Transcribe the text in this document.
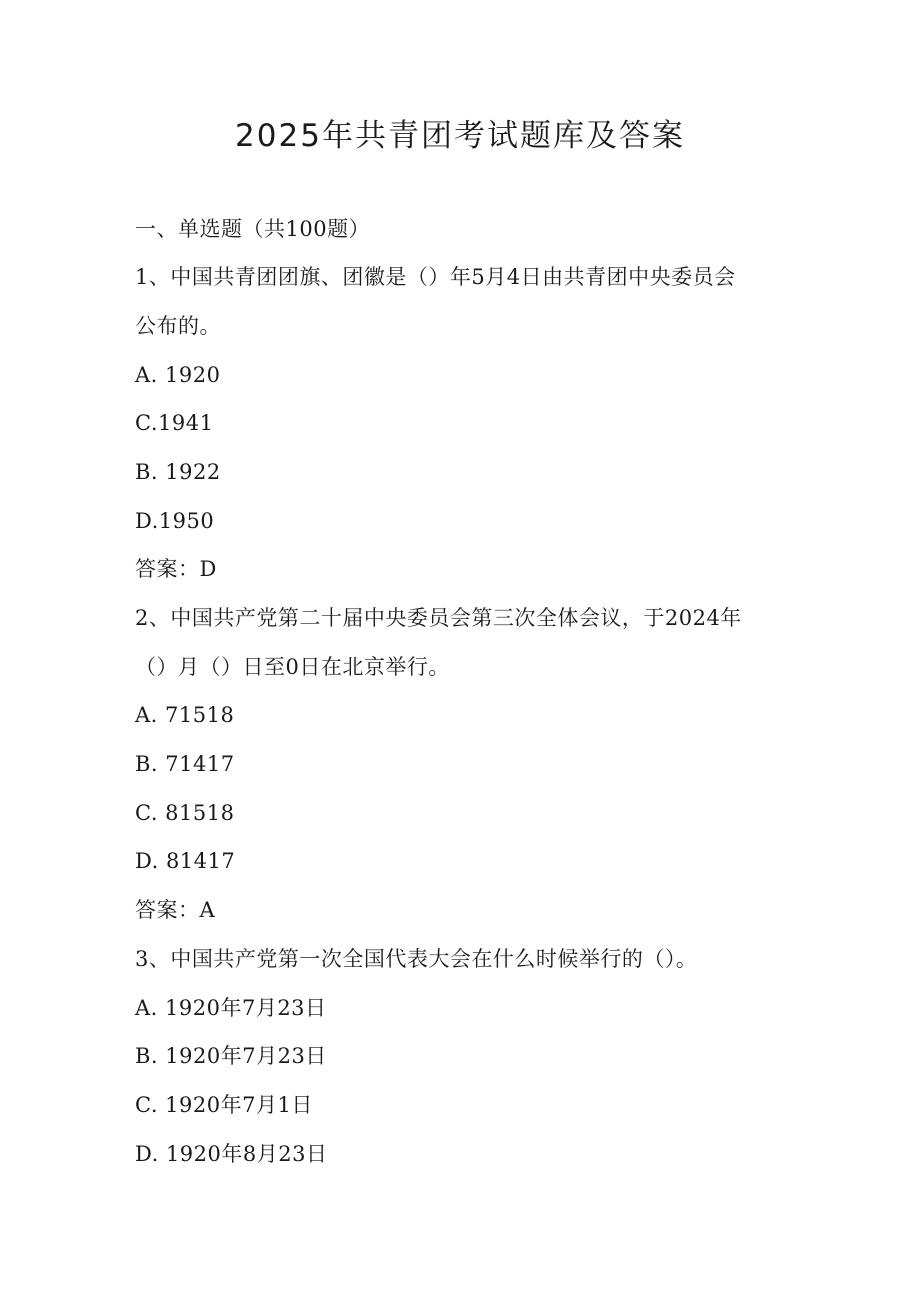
2025年共青团考试题库及答案
一、单选题（共100题）
1、中国共青团团旗、团徽是（）年5月4日由共青团中央委员会
公布的。
A. 1920
C.1941
B. 1922
D.1950
答案：D
2、中国共产党第二十届中央委员会第三次全体会议，于2024年
（）月（）日至0日在北京举行。
A. 71518
B. 71417
C. 81518
D. 81417
答案：A
3、中国共产党第一次全国代表大会在什么时候举行的（）。
A. 1920年7月23日
B. 1920年7月23日
C. 1920年7月1日
D. 1920年8月23日
